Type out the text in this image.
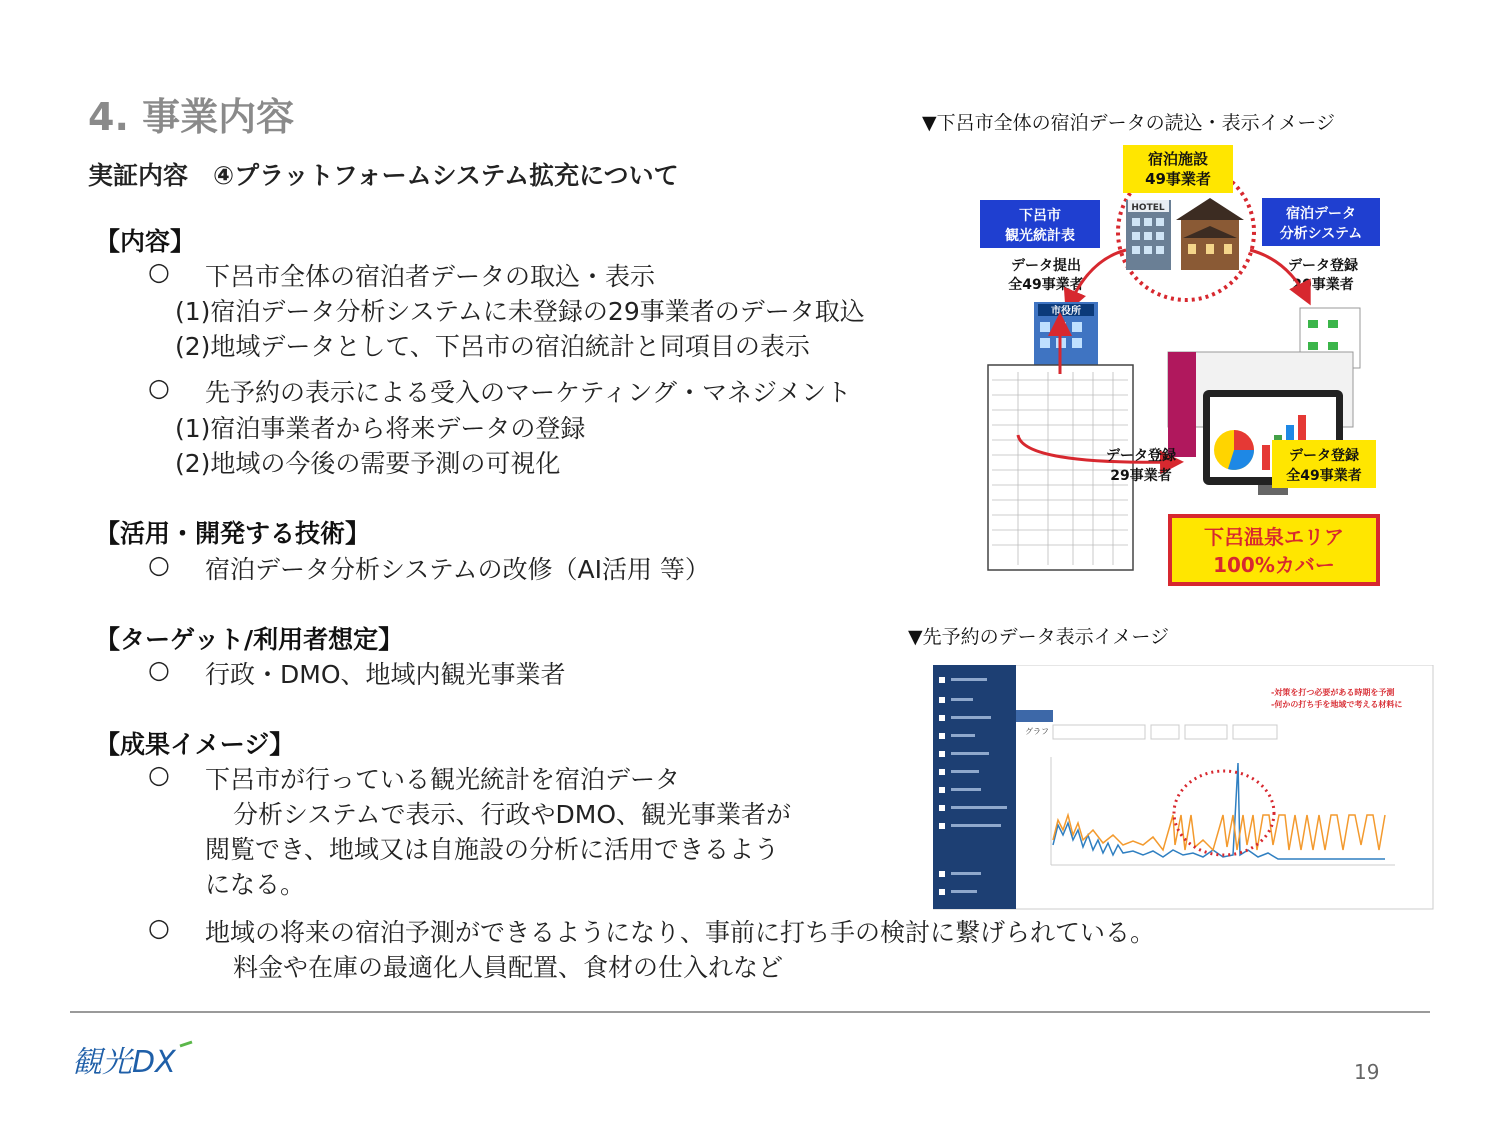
4. 事業内容
実証内容　④プラットフォームシステム拡充について
【内容】
○ 下呂市全体の宿泊者データの取込・表示
(1)宿泊データ分析システムに未登録の29事業者のデータ取込
(2)地域データとして、下呂市の宿泊統計と同項目の表示
○ 先予約の表示による受入のマーケティング・マネジメント
(1)宿泊事業者から将来データの登録
(2)地域の今後の需要予測の可視化
【活用・開発する技術】
○ 宿泊データ分析システムの改修（AI活用 等）
【ターゲット/利用者想定】
○ 行政・DMO、地域内観光事業者
【成果イメージ】
○ 下呂市が行っている観光統計を宿泊データ
分析システムで表示、行政やDMO、観光事業者が
閲覧でき、地域又は自施設の分析に活用できるよう
になる。
○ 地域の将来の宿泊予測ができるようになり、事前に打ち手の検討に繋げられている。
料金や在庫の最適化人員配置、食材の仕入れなど
▼下呂市全体の宿泊データの読込・表示イメージ
宿泊施設
49事業者
HOTEL
下呂市
観光統計表
宿泊データ
分析システム
データ提出
全49事業者
データ登録
20事業者
市役所
データ登録
29事業者
データ登録
全49事業者
下呂温泉エリア
100%カバー
▼先予約のデータ表示イメージ
グラフ
-対策を打つ必要がある時期を予測
-何かの打ち手を地域で考える材料に
観光DX	19
